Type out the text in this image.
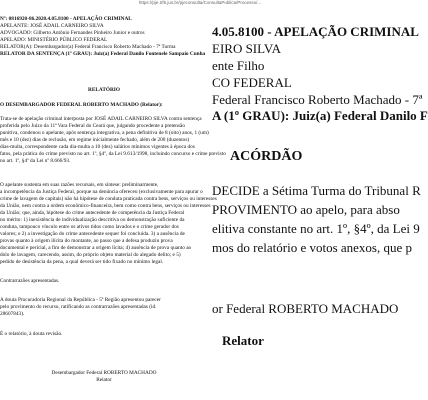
https://pje.trf5.jus.br/pjeconsulta/ConsultaPublica/Processo/...
Nº: 0816920-86.2020.4.05.8100 - APELAÇÃO CRIMINAL
APELANTE: JOSÉ ADAIL CARNEIRO SILVA
ADVOGADO: Gilberto Antônio Fernandes Pinheiro Junior e outros
APELADO: MINISTÉRIO PÚBLICO FEDERAL
RELATOR(A): Desembargador(a) Federal Francisco Roberto Machado - 7ª Turma
RELATOR DA SENTENÇA (1º GRAU): Juiz(a) Federal Danilo Fontenele Sampaio Cunha
RELATÓRIO
O DESEMBARGADOR FEDERAL ROBERTO MACHADO (Relator):
Trata-se de apelação criminal interposta por JOSÉ ADAIL CARNEIRO SILVA contra sentença
proferida pelo Juízo da 11ª Vara Federal do Ceará que, julgando procedente a pretensão
punitiva, condenou o apelante, após sentença integrativa, a pena definitiva de 8 (oito) anos, 1 (um)
mês e 10 (dez) dias de reclusão, em regime inicialmente fechado, além de 200 (duzentos)
dias-multa, correspondente cada dia-multa a 10 (dez) salários mínimos vigentes à época dos
fatos, pela prática do crime previsto no art. 1º, §4º, da Lei 9.613/1998, incluindo concurso e crime previsto
no art. 1º, §4º da Lei nº 8.666/93.
O apelante sustenta em suas razões recursais, em síntese: preliminarmente,
a incompetência da Justiça Federal, porque na denúncia ofereceu (exclusivamente para apurar o
crime de lavagem de capitais) não há hipótese de conduta praticada contra bens, serviços ou interesses
da União, nem contra a ordem econômico-financeira, bem como contra bens, serviços ou interesses
da União; que, ainda, hipótese do crime antecedente de competência da Justiça Federal
no mérito: 1) inexistência de individualização descritiva ou demonstração suficiente da
conduta, tampouco vínculo entre os ativos tidos como lavados e o crime gerador dos
valores; e 2) a investigação do crime antecedente sequer foi concluída. 3) a ausência de
provas quanto à origem ilícita do montante, ao passo que a defesa produziu prova
documental e pericial, a fim de demonstrar a origem lícita; 4) ausência de prova quanto ao
dolo de lavagem, carecendo, assim, do próprio objeto material do alegado delito; e 5)
pedido de desistência da pena, a qual deverá ser tido fixado no mínimo legal.
Contrarrazões apresentadas.
A douta Procuradoria Regional da República - 5ª Região apresentou parecer
pelo provimento do recurso, ratificando as contrarrazões apresentadas (id.
28607843).
É o relatório, à douta revisão.
Desembargador Federal ROBERTO MACHADO
Relator
4.05.8100 - APELAÇÃO CRIMINAL
EIRO SILVA
ente Filho
CO FEDERAL
Federal Francisco Roberto Machado - 7ª
A (1º GRAU): Juiz(a) Federal Danilo F
ACÓRDÃO
DECIDE a Sétima Turma do Tribunal R
PROVIMENTO ao apelo, para abso
elitiva constante no art. 1º, §4º, da Lei 9
mos do relatório e votos anexos, que p
or Federal ROBERTO MACHADO
Relator
